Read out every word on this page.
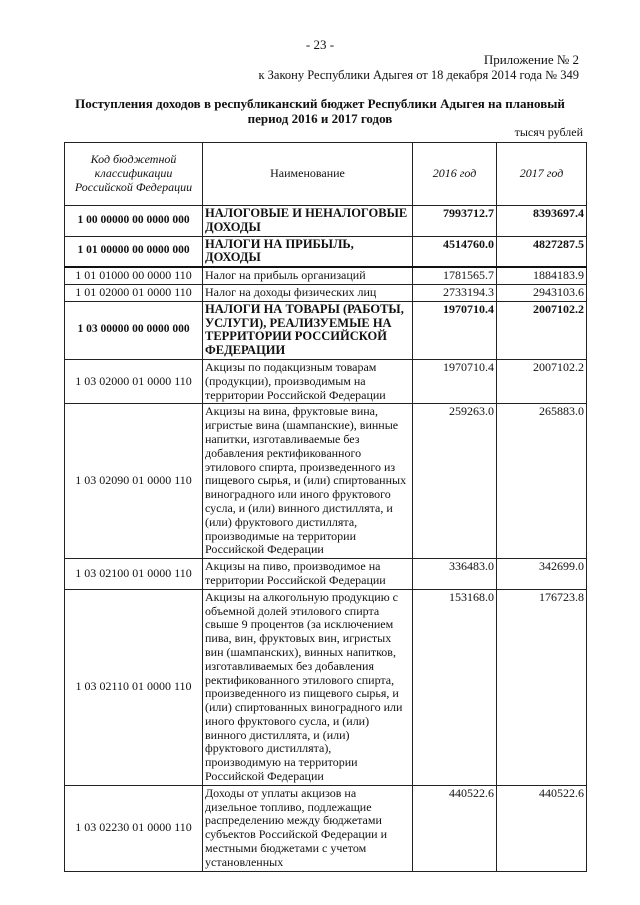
- 23 -
Приложение № 2
к Закону Республики Адыгея от 18 декабря 2014 года № 349
Поступления доходов в республиканский бюджет Республики Адыгея на плановый период 2016 и 2017 годов
тысяч рублей
Код бюджетной классификации Российской Федерации	Наименование	2016 год	2017 год
1 00 00000 00 0000 000	НАЛОГОВЫЕ И НЕНАЛОГОВЫЕ ДОХОДЫ	7993712.7	8393697.4
1 01 00000 00 0000 000	НАЛОГИ НА ПРИБЫЛЬ, ДОХОДЫ	4514760.0	4827287.5
1 01 01000 00 0000 110	Налог на прибыль организаций	1781565.7	1884183.9
1 01 02000 01 0000 110	Налог на доходы физических лиц	2733194.3	2943103.6
1 03 00000 00 0000 000	НАЛОГИ НА ТОВАРЫ (РАБОТЫ, УСЛУГИ), РЕАЛИЗУЕМЫЕ НА ТЕРРИТОРИИ РОССИЙСКОЙ ФЕДЕРАЦИИ	1970710.4	2007102.2
1 03 02000 01 0000 110	Акцизы по подакцизным товарам (продукции), производимым на территории Российской Федерации	1970710.4	2007102.2
1 03 02090 01 0000 110	Акцизы на вина, фруктовые вина, игристые вина (шампанские), винные напитки, изготавливаемые без добавления ректификованного этилового спирта, произведенного из пищевого сырья, и (или) спиртованных виноградного или иного фруктового сусла, и (или) винного дистиллята, и (или) фруктового дистиллята, производимые на территории Российской Федерации	259263.0	265883.0
1 03 02100 01 0000 110	Акцизы на пиво, производимое на территории Российской Федерации	336483.0	342699.0
1 03 02110 01 0000 110	Акцизы на алкогольную продукцию с объемной долей этилового спирта свыше 9 процентов (за исключением пива, вин, фруктовых вин, игристых вин (шампанских), винных напитков, изготавливаемых без добавления ректификованного этилового спирта, произведенного из пищевого сырья, и (или) спиртованных виноградного или иного фруктового сусла, и (или) винного дистиллята, и (или) фруктового дистиллята), производимую на территории Российской Федерации	153168.0	176723.8
1 03 02230 01 0000 110	Доходы от уплаты акцизов на дизельное топливо, подлежащие распределению между бюджетами субъектов Российской Федерации и местными бюджетами с учетом установленных	440522.6	440522.6
